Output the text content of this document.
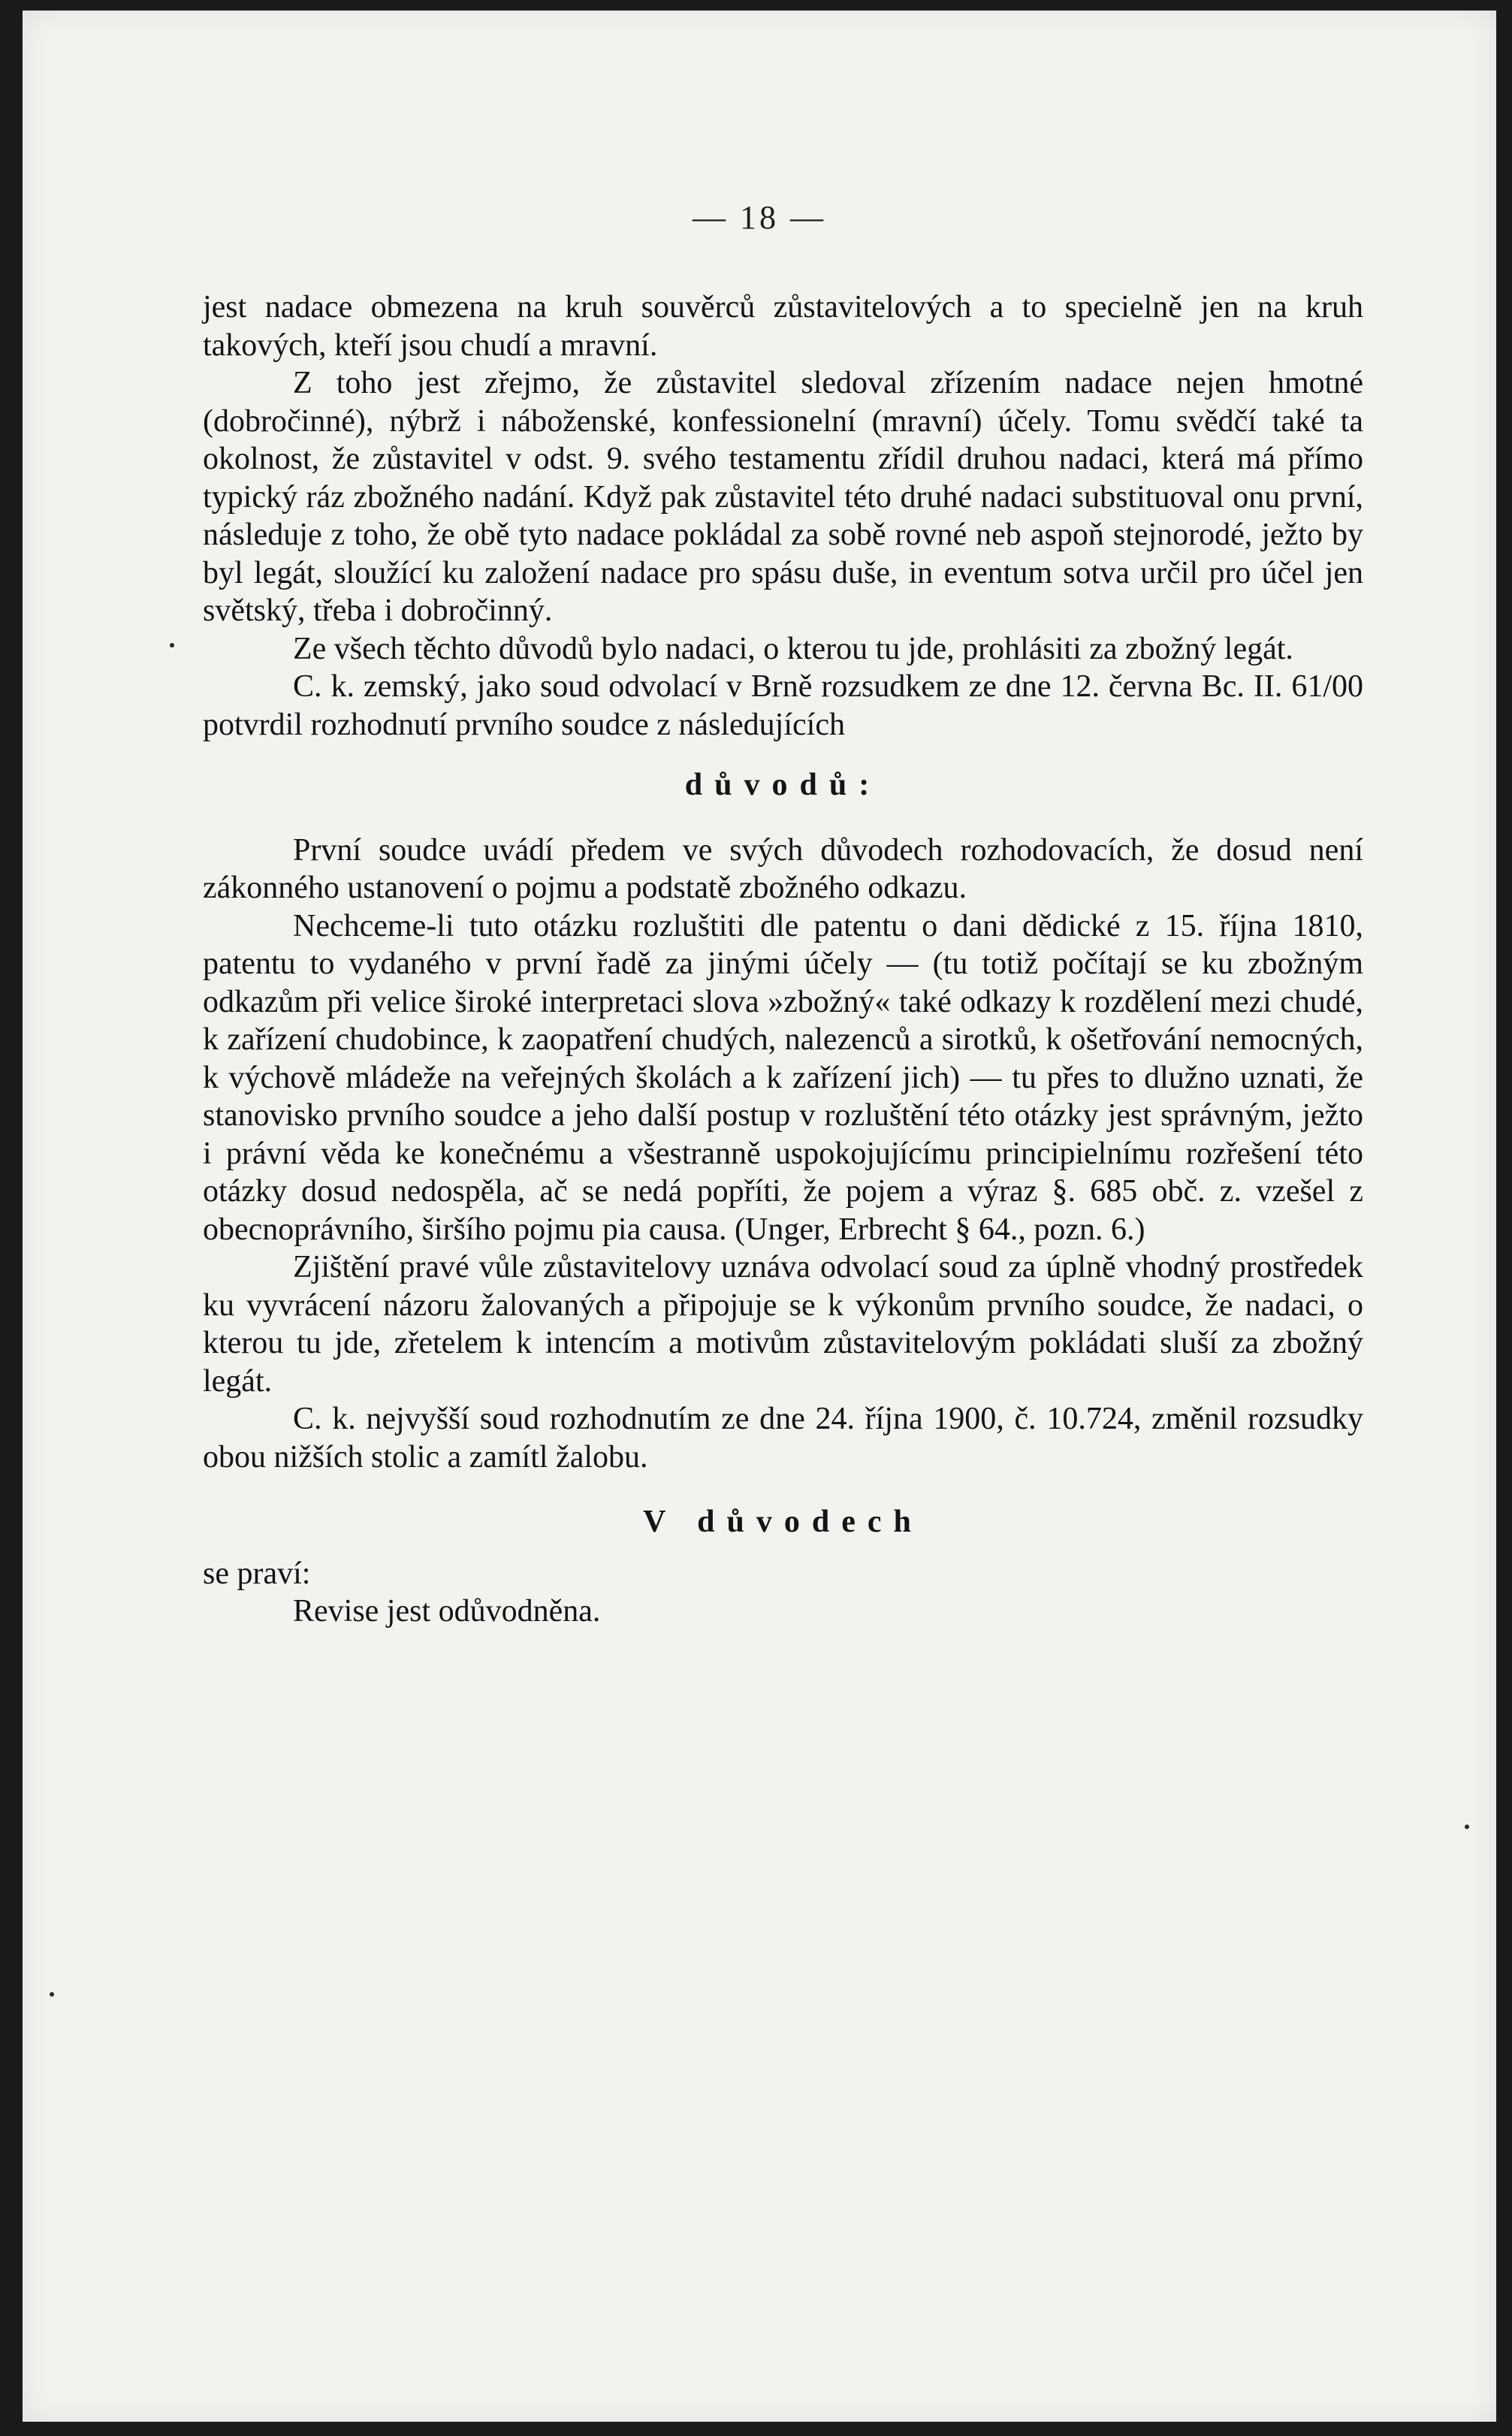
— 18 —

jest nadace obmezena na kruh souvěrců zůstavitelových a to specielně jen na kruh takových, kteří jsou chudí a mravní.

Z toho jest zřejmo, že zůstavitel sledoval zřízením nadace nejen hmotné (dobročinné), nýbrž i náboženské, konfessionelní (mravní) účely. Tomu svědčí také ta okolnost, že zůstavitel v odst. 9. svého testamentu zřídil druhou nadaci, která má přímo typický ráz zbožného nadání. Když pak zůstavitel této druhé nadaci substituoval onu první, následuje z toho, že obě tyto nadace pokládal za sobě rovné neb aspoň stejnorodé, ježto by byl legát, sloužící ku založení nadace pro spásu duše, in eventum sotva určil pro účel jen světský, třeba i dobročinný.

Ze všech těchto důvodů bylo nadaci, o kterou tu jde, prohlásiti za zbožný legát.

C. k. zemský, jako soud odvolací v Brně rozsudkem ze dne 12. června Bc. II. 61/00 potvrdil rozhodnutí prvního soudce z následujících

důvodů:

První soudce uvádí předem ve svých důvodech rozhodovacích, že dosud není zákonného ustanovení o pojmu a podstatě zbožného odkazu.

Nechceme-li tuto otázku rozluštiti dle patentu o dani dědické z 15. října 1810, patentu to vydaného v první řadě za jinými účely — (tu totiž počítají se ku zbožným odkazům při velice široké interpretaci slova »zbožný« také odkazy k rozdělení mezi chudé, k zařízení chudobince, k zaopatření chudých, nalezenců a sirotků, k ošetřování nemocných, k výchově mládeže na veřejných školách a k zařízení jich) — tu přes to dlužno uznati, že stanovisko prvního soudce a jeho další postup v rozluštění této otázky jest správným, ježto i právní věda ke konečnému a všestranně uspokojujícímu principielnímu rozřešení této otázky dosud nedospěla, ač se nedá popříti, že pojem a výraz §. 685 obč. z. vzešel z obecnoprávního, širšího pojmu pia causa. (Unger, Erbrecht § 64., pozn. 6.)

Zjištění pravé vůle zůstavitelovy uznáva odvolací soud za úplně vhodný prostředek ku vyvrácení názoru žalovaných a připojuje se k výkonům prvního soudce, že nadaci, o kterou tu jde, zřetelem k intencím a motivům zůstavitelovým pokládati sluší za zbožný legát.

C. k. nejvyšší soud rozhodnutím ze dne 24. října 1900, č. 10.724, změnil rozsudky obou nižších stolic a zamítl žalobu.

V důvodech

se praví:

Revise jest odůvodněna.
